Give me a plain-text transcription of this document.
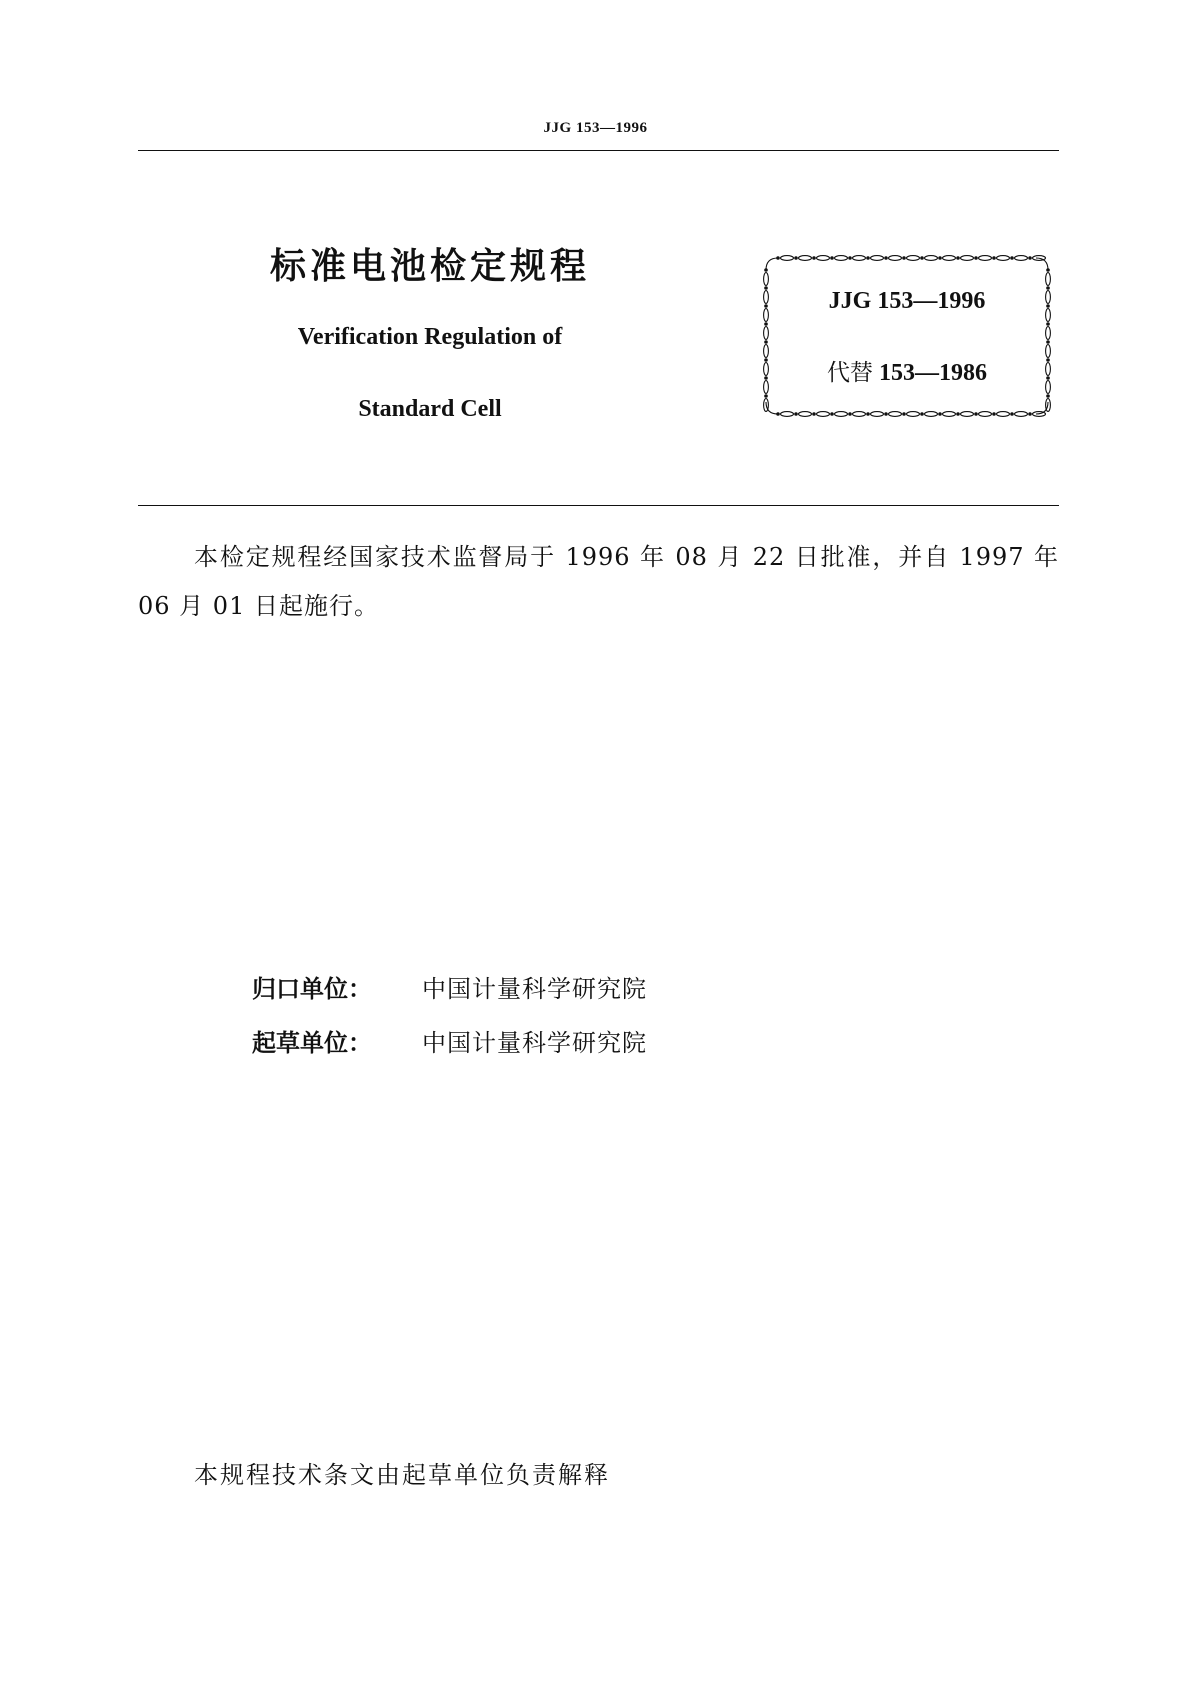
JJG 153—1996
标准电池检定规程
Verification Regulation of
Standard Cell
JJG 153—1996
代替 153—1986
本检定规程经国家技术监督局于 1996 年 08 月 22 日批准，并自 1997 年 06 月 01 日起施行。
归口单位： 中国计量科学研究院
起草单位： 中国计量科学研究院
本规程技术条文由起草单位负责解释
